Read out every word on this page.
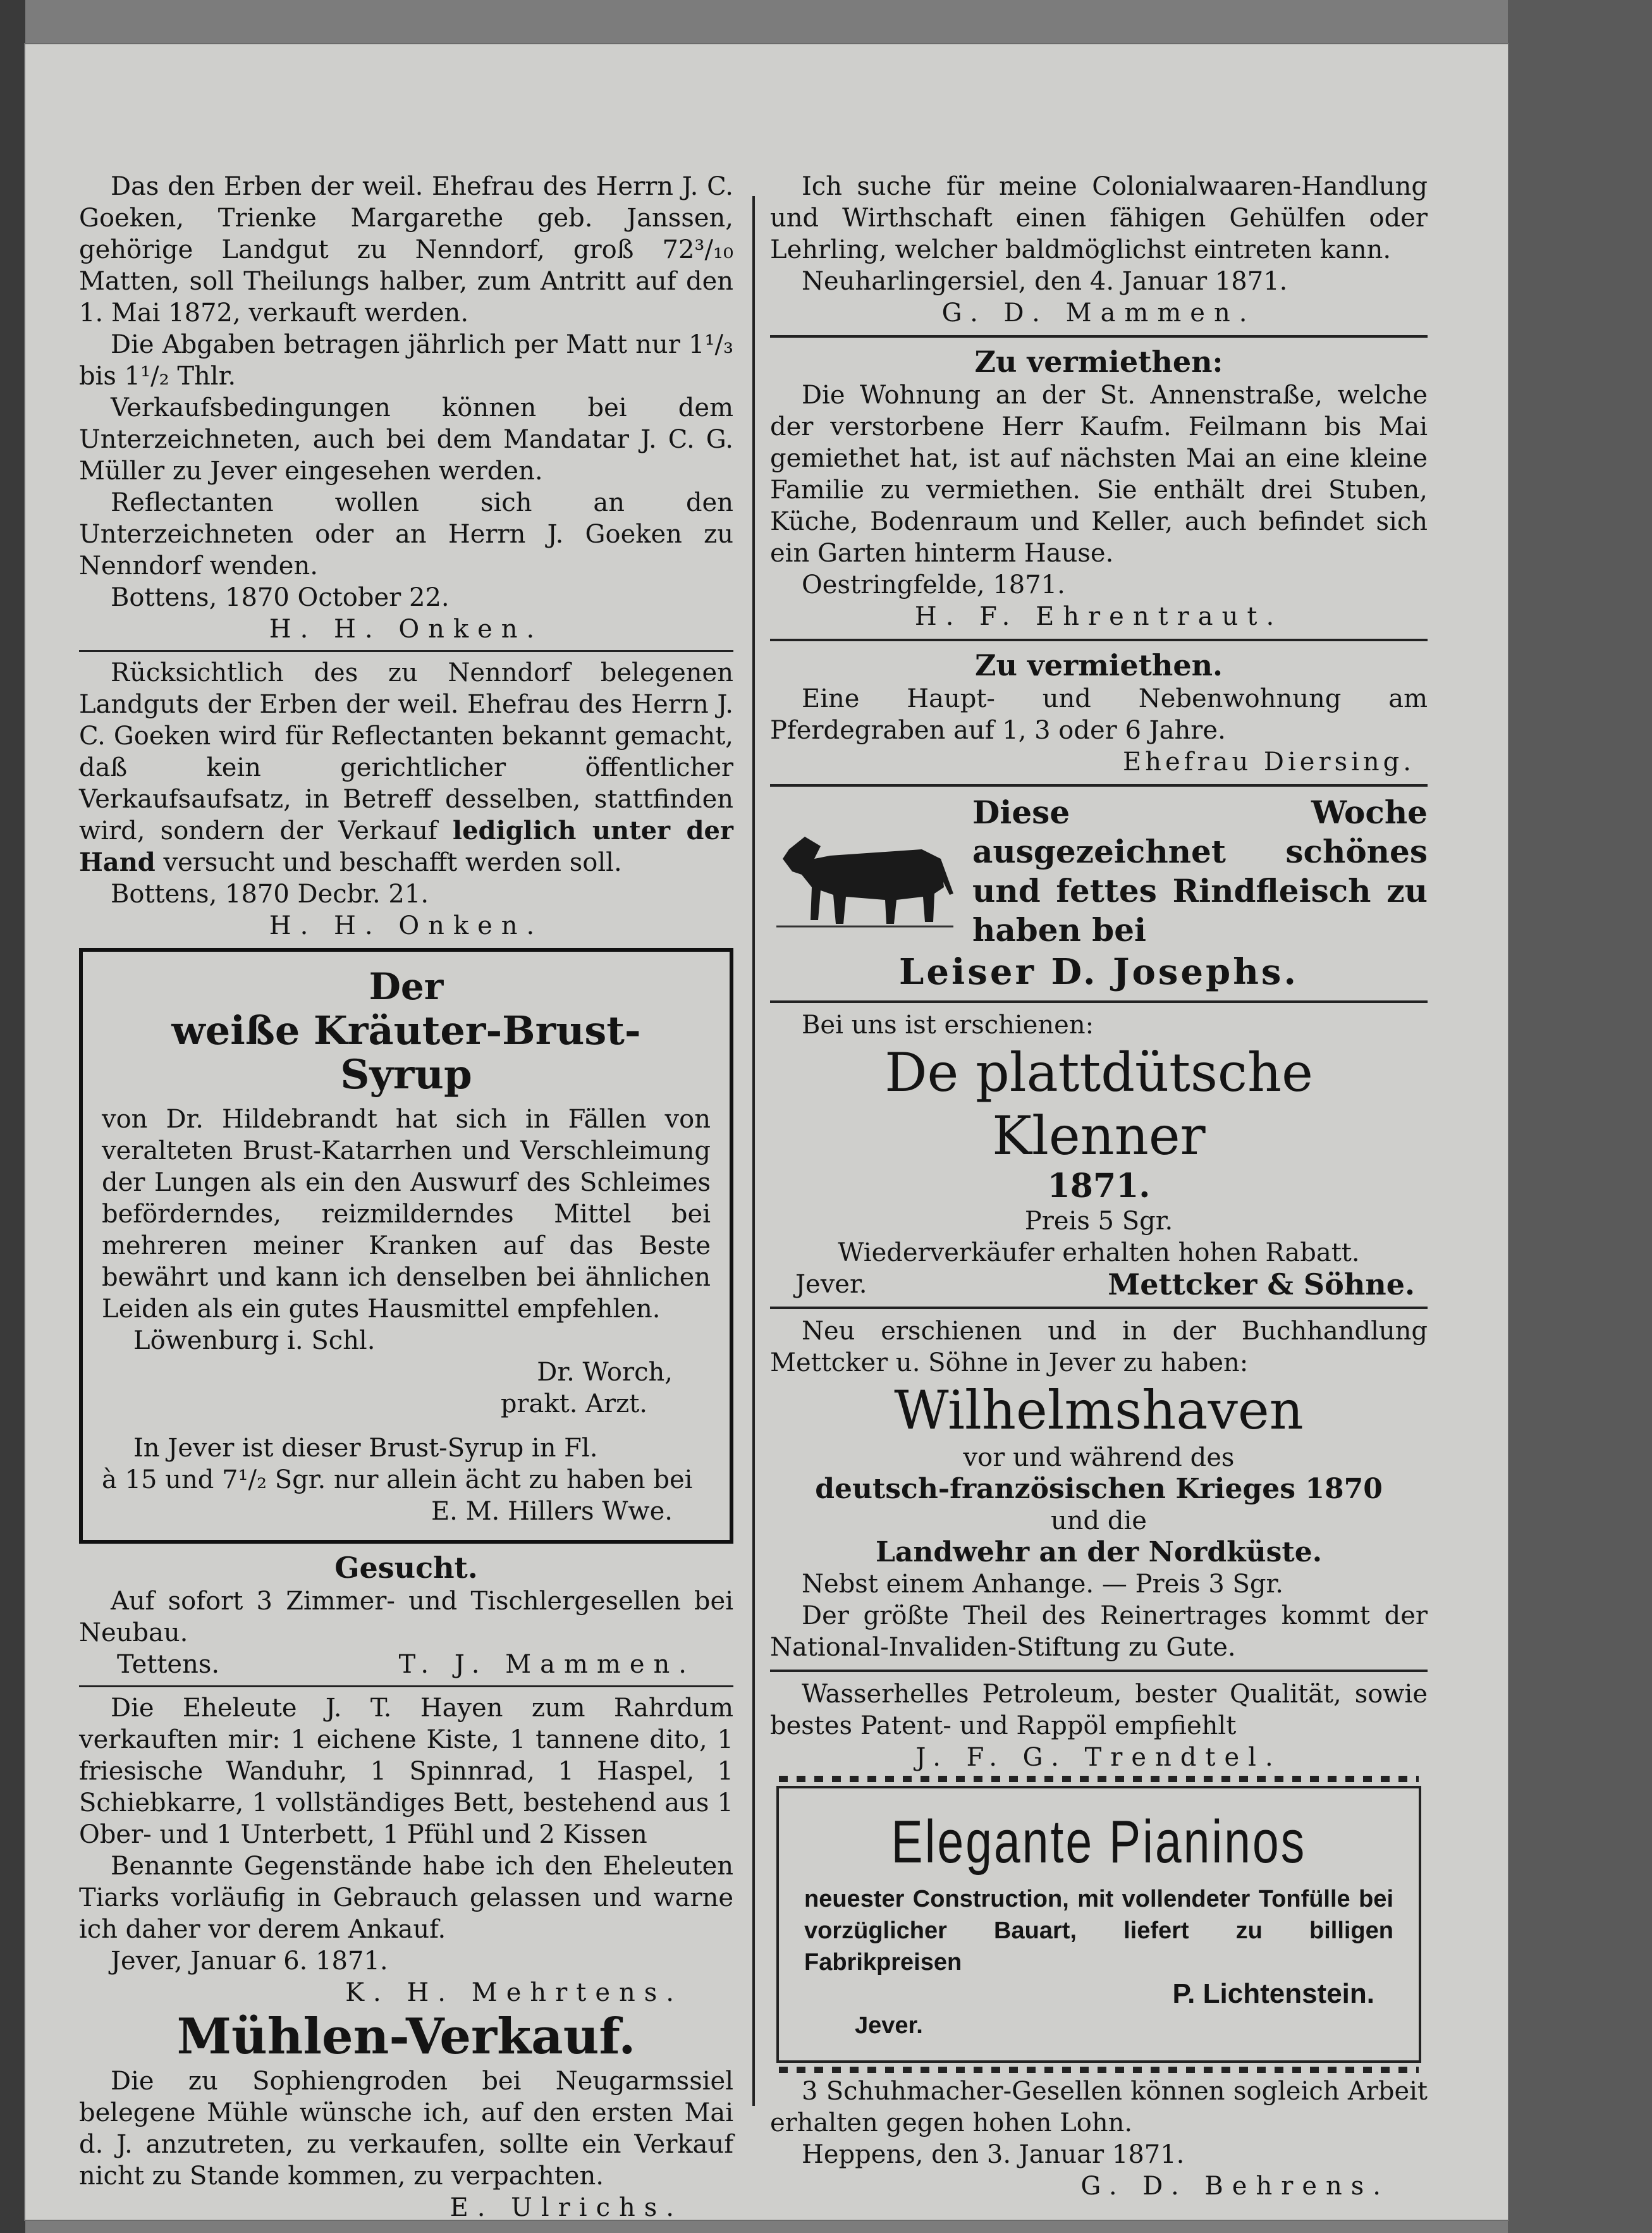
Das den Erben der weil. Ehefrau des Herrn J. C. Goeken, Trienke Margarethe geb. Janssen, gehörige Landgut zu Nenndorf, groß 72³/₁₀ Matten, soll Theilungs halber, zum Antritt auf den 1. Mai 1872, verkauft werden.

Die Abgaben betragen jährlich per Matt nur 1¹/₃ bis 1¹/₂ Thlr.

Verkaufsbedingungen können bei dem Unterzeichneten, auch bei dem Mandatar J. C. G. Müller zu Jever eingesehen werden.

Reflectanten wollen sich an den Unterzeichneten oder an Herrn J. Goeken zu Nenndorf wenden.

Bottens, 1870 October 22.

H. H. Onken.

Rücksichtlich des zu Nenndorf belegenen Landguts der Erben der weil. Ehefrau des Herrn J. C. Goeken wird für Reflectanten bekannt gemacht, daß kein gerichtlicher öffentlicher Verkaufsaufsatz, in Betreff desselben, stattfinden wird, sondern der Verkauf lediglich unter der Hand versucht und beschafft werden soll.

Bottens, 1870 Decbr. 21.

H. H. Onken.

Der
weiße Kräuter-Brust-
Syrup

von Dr. Hildebrandt hat sich in Fällen von veralteten Brust-Katarrhen und Verschleimung der Lungen als ein den Auswurf des Schleimes beförderndes, reizmilderndes Mittel bei mehreren meiner Kranken auf das Beste bewährt und kann ich denselben bei ähnlichen Leiden als ein gutes Hausmittel empfehlen.

Löwenburg i. Schl.

Dr. Worch,

prakt. Arzt.

In Jever ist dieser Brust-Syrup in Fl.

à 15 und 7¹/₂ Sgr. nur allein ächt zu haben bei

E. M. Hillers Wwe.

Gesucht.

Auf sofort 3 Zimmer- und Tischlergesellen bei Neubau.

Tettens.	T. J. Mammen.

Die Eheleute J. T. Hayen zum Rahrdum verkauften mir: 1 eichene Kiste, 1 tannene dito, 1 friesische Wanduhr, 1 Spinnrad, 1 Haspel, 1 Schiebkarre, 1 vollständiges Bett, bestehend aus 1 Ober- und 1 Unterbett, 1 Pfühl und 2 Kissen

Benannte Gegenstände habe ich den Eheleuten Tiarks vorläufig in Gebrauch gelassen und warne ich daher vor derem Ankauf.

Jever, Januar 6. 1871.

K. H. Mehrtens.

Mühlen-Verkauf.

Die zu Sophiengroden bei Neugarmssiel belegene Mühle wünsche ich, auf den ersten Mai d. J. anzutreten, zu verkaufen, sollte ein Verkauf nicht zu Stande kommen, zu verpachten.

E. Ulrichs.

Ich suche für meine Colonialwaaren-Handlung und Wirthschaft einen fähigen Gehülfen oder Lehrling, welcher baldmöglichst eintreten kann.

Neuharlingersiel, den 4. Januar 1871.

G. D. Mammen.

Zu vermiethen:

Die Wohnung an der St. Annenstraße, welche der verstorbene Herr Kaufm. Feilmann bis Mai gemiethet hat, ist auf nächsten Mai an eine kleine Familie zu vermiethen. Sie enthält drei Stuben, Küche, Bodenraum und Keller, auch befindet sich ein Garten hinterm Hause.

Oestringfelde, 1871.

H. F. Ehrentraut.

Zu vermiethen.

Eine Haupt- und Nebenwohnung am Pferdegraben auf 1, 3 oder 6 Jahre.

Ehefrau Diersing.

Diese Woche ausgezeichnet schönes und fettes Rindfleisch zu haben bei
Leiser D. Josephs.

Bei uns ist erschienen:

De plattdütsche Klenner
1871.

Preis 5 Sgr.

Wiederverkäufer erhalten hohen Rabatt.

Jever.	Mettcker & Söhne.

Neu erschienen und in der Buchhandlung Mettcker u. Söhne in Jever zu haben:

Wilhelmshaven

vor und während des

deutsch-französischen Krieges 1870

und die

Landwehr an der Nordküste.

Nebst einem Anhange. — Preis 3 Sgr.

Der größte Theil des Reinertrages kommt der National-Invaliden-Stiftung zu Gute.

Wasserhelles Petroleum, bester Qualität, sowie bestes Patent- und Rappöl empfiehlt

J. F. G. Trendtel.

Elegante Pianinos

neuester Construction, mit vollendeter Tonfülle bei vorzüglicher Bauart, liefert zu billigen Fabrikpreisen

P. Lichtenstein.

Jever.

3 Schuhmacher-Gesellen können sogleich Arbeit erhalten gegen hohen Lohn.

Heppens, den 3. Januar 1871.

G. D. Behrens.
